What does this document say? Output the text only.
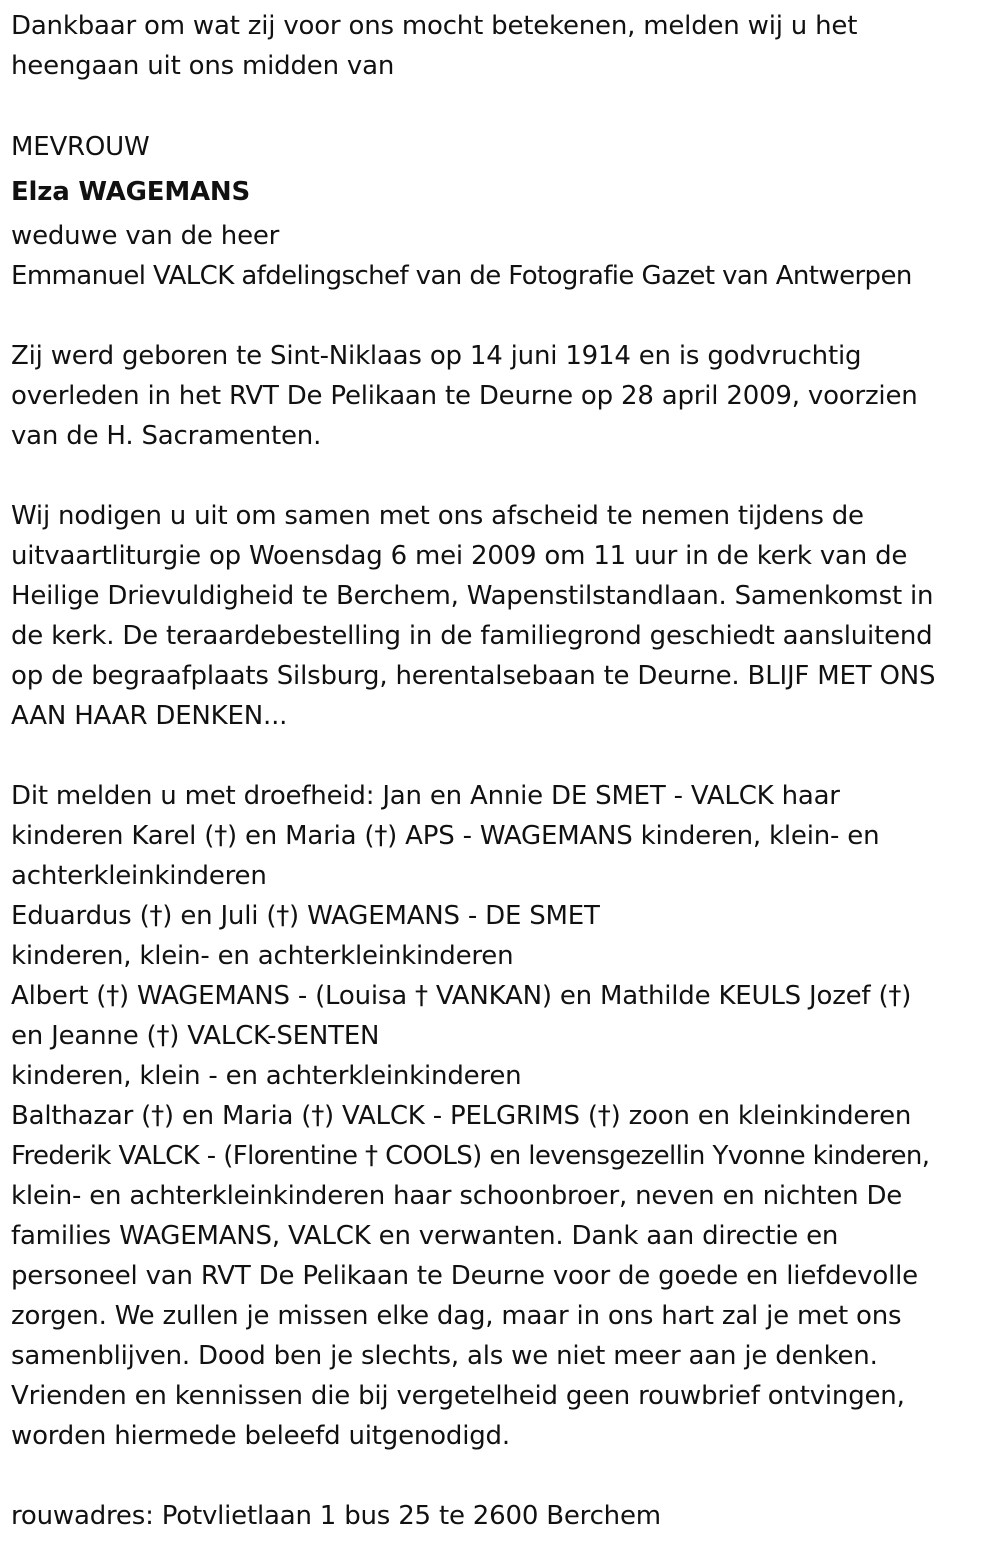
Dankbaar om wat zij voor ons mocht betekenen, melden wij u het
heengaan uit ons midden van
MEVROUW
Elza WAGEMANS
weduwe van de heer
Emmanuel VALCK afdelingschef van de Fotografie Gazet van Antwerpen
Zij werd geboren te Sint-Niklaas op 14 juni 1914 en is godvruchtig
overleden in het RVT De Pelikaan te Deurne op 28 april 2009, voorzien
van de H. Sacramenten.
Wij nodigen u uit om samen met ons afscheid te nemen tijdens de
uitvaartliturgie op Woensdag 6 mei 2009 om 11 uur in de kerk van de
Heilige Drievuldigheid te Berchem, Wapenstilstandlaan. Samenkomst in
de kerk. De teraardebestelling in de familiegrond geschiedt aansluitend
op de begraafplaats Silsburg, herentalsebaan te Deurne. BLIJF MET ONS
AAN HAAR DENKEN...
Dit melden u met droefheid: Jan en Annie DE SMET - VALCK haar
kinderen Karel (†) en Maria (†) APS - WAGEMANS kinderen, klein- en
achterkleinkinderen
Eduardus (†) en Juli (†) WAGEMANS - DE SMET
kinderen, klein- en achterkleinkinderen
Albert (†) WAGEMANS - (Louisa † VANKAN) en Mathilde KEULS Jozef (†)
en Jeanne (†) VALCK-SENTEN
kinderen, klein - en achterkleinkinderen
Balthazar (†) en Maria (†) VALCK - PELGRIMS (†) zoon en kleinkinderen
Frederik VALCK - (Florentine † COOLS) en levensgezellin Yvonne kinderen,
klein- en achterkleinkinderen haar schoonbroer, neven en nichten De
families WAGEMANS, VALCK en verwanten. Dank aan directie en
personeel van RVT De Pelikaan te Deurne voor de goede en liefdevolle
zorgen. We zullen je missen elke dag, maar in ons hart zal je met ons
samenblijven. Dood ben je slechts, als we niet meer aan je denken.
Vrienden en kennissen die bij vergetelheid geen rouwbrief ontvingen,
worden hiermede beleefd uitgenodigd.
rouwadres: Potvlietlaan 1 bus 25 te 2600 Berchem
